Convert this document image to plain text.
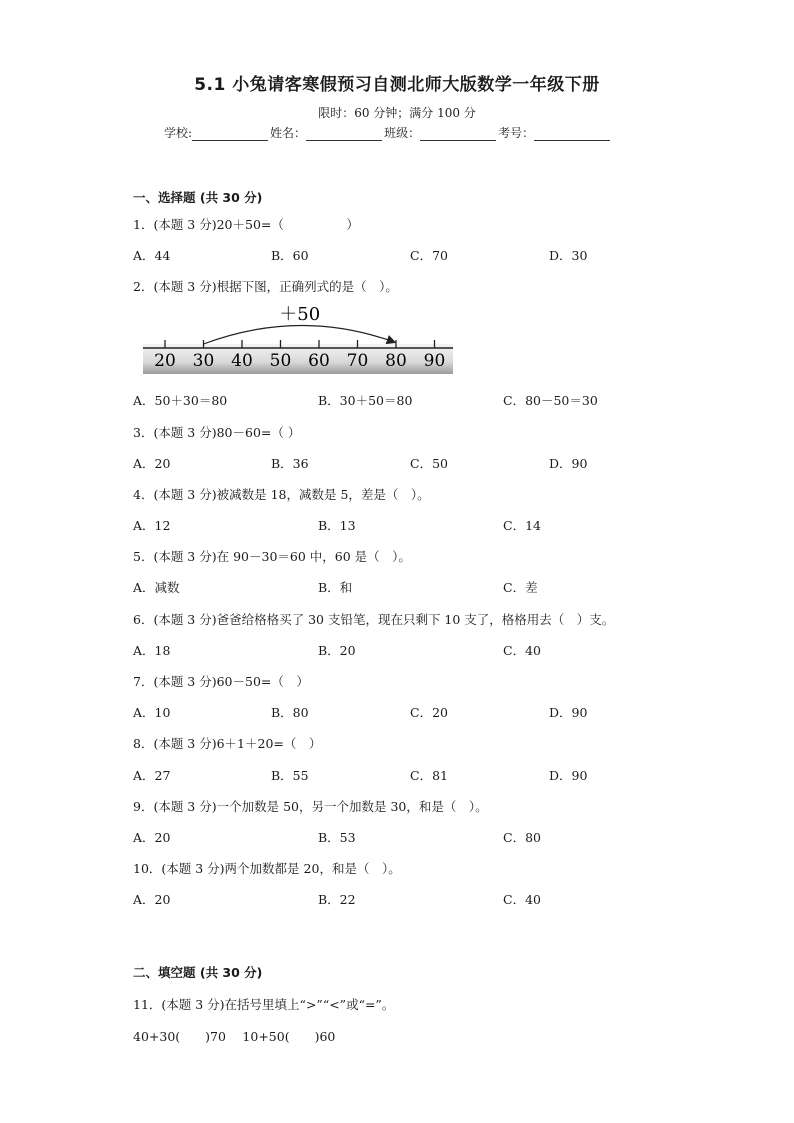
5.1 小兔请客寒假预习自测北师大版数学一年级下册
限时：60 分钟；满分 100 分
学校:	姓名：	班级：	考号：
一、选择题 (共 30 分)
1．(本题 3 分)20＋50=（　　　　　）
A．44	B．60	C．70	D．30
2．(本题 3 分)根据下图，正确列式的是（　）。
20 30 40 50 60 70 80 90
＋50
A．50＋30＝80	B．30＋50＝80	C．80－50＝30
3．(本题 3 分)80－60=（ ）
A．20	B．36	C．50	D．90
4．(本题 3 分)被减数是 18，减数是 5，差是（　）。
A．12	B．13	C．14
5．(本题 3 分)在 90－30＝60 中，60 是（　）。
A．减数	B．和	C．差
6．(本题 3 分)爸爸给格格买了 30 支铅笔，现在只剩下 10 支了，格格用去（　）支。
A．18	B．20	C．40
7．(本题 3 分)60－50=（　）
A．10	B．80	C．20	D．90
8．(本题 3 分)6＋1＋20=（　）
A．27	B．55	C．81	D．90
9．(本题 3 分)一个加数是 50，另一个加数是 30，和是（　）。
A．20	B．53	C．80
10．(本题 3 分)两个加数都是 20，和是（　）。
A．20	B．22	C．40
二、填空题 (共 30 分)
11．(本题 3 分)在括号里填上“>”“<”或“=”。
40+30(　　)70　 10+50(　　)60
